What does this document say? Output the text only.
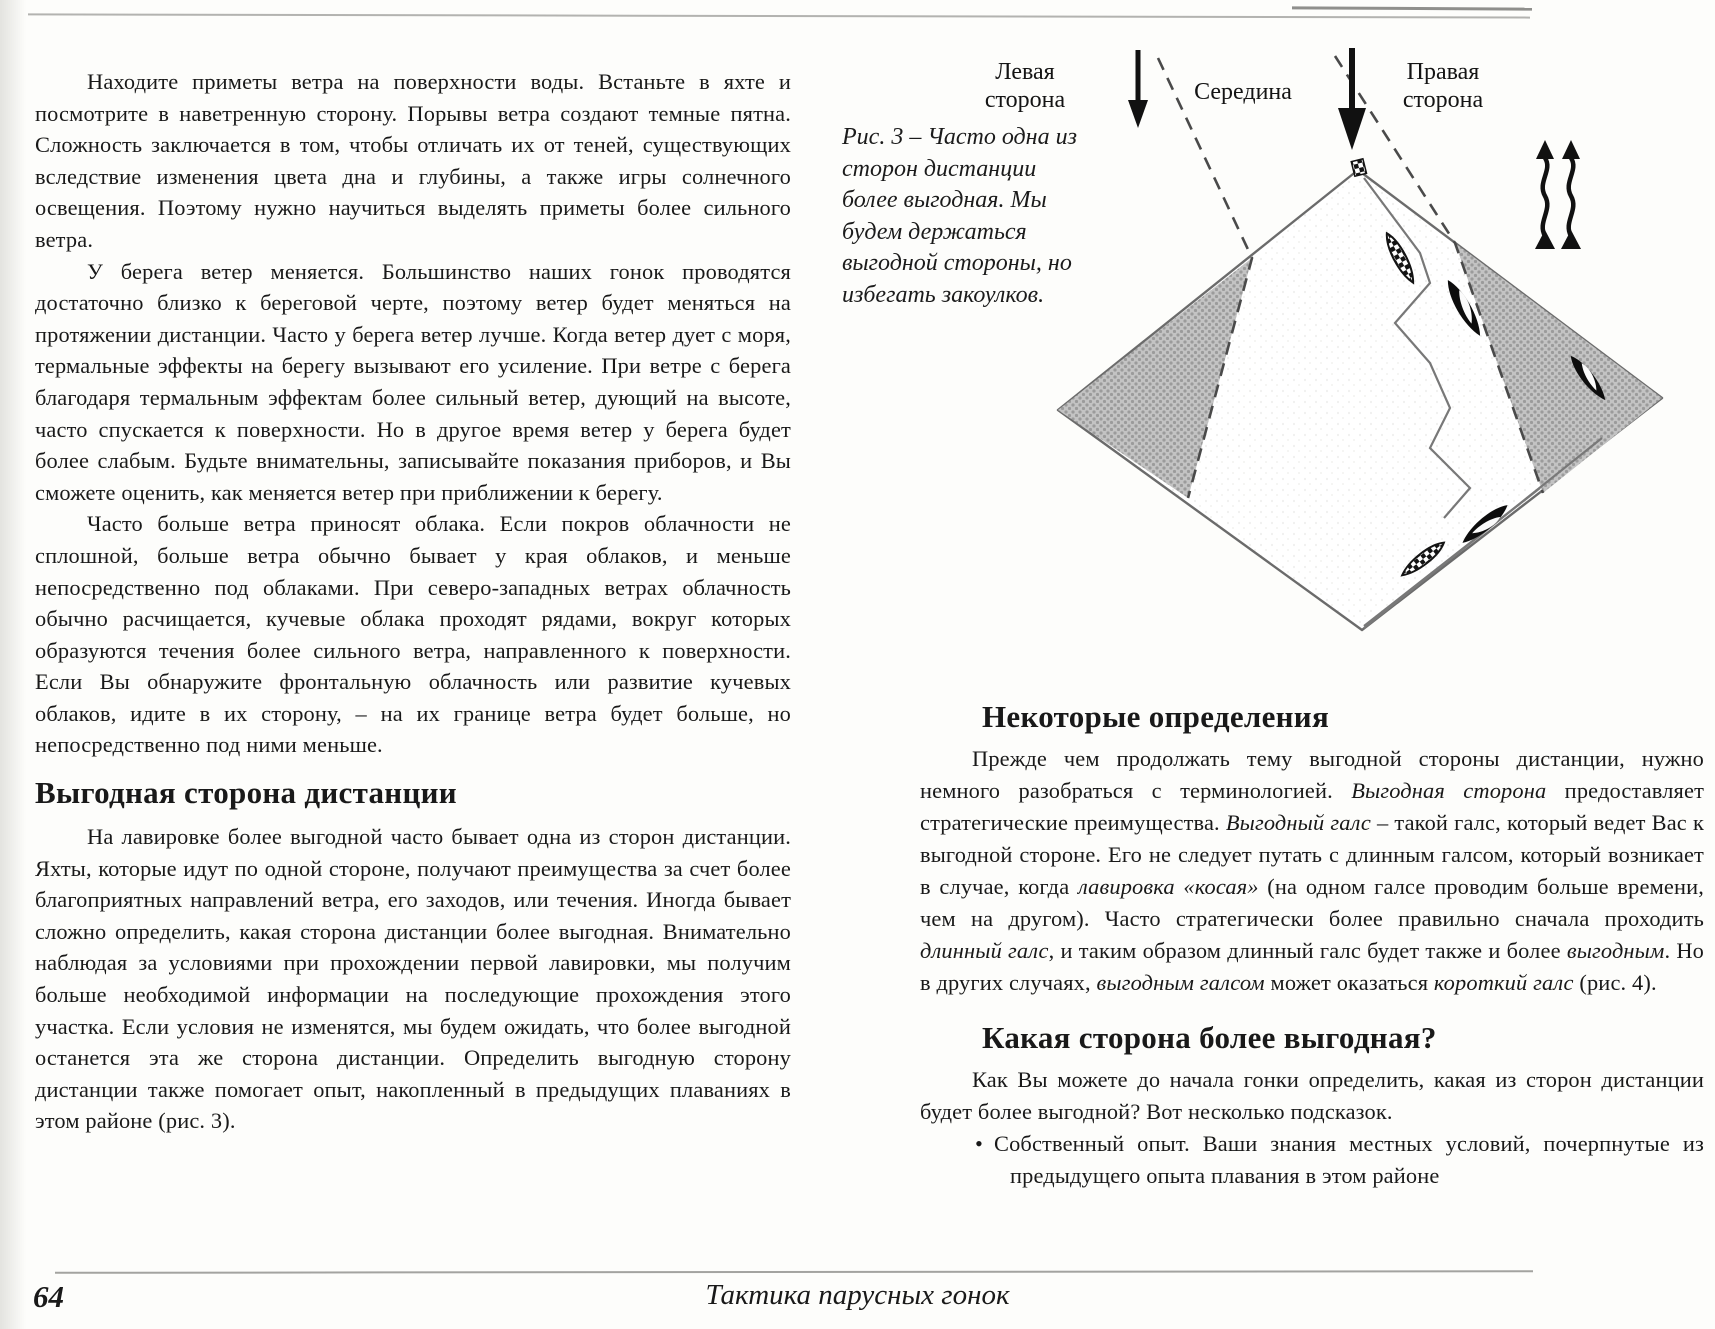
Находите приметы ветра на поверхности воды. Встаньте в яхте и посмотрите в наветренную сторону. Порывы ветра создают темные пятна. Сложность заключается в том, чтобы отличать их от теней, существующих вследствие изменения цвета дна и глубины, а также игры солнечного освещения. Поэтому нужно научиться выделять приметы более сильного ветра.

У берега ветер меняется. Большинство наших гонок проводятся достаточно близко к береговой черте, поэтому ветер будет меняться на протяжении дистанции. Часто у берега ветер лучше. Когда ветер дует с моря, термальные эффекты на берегу вызывают его усиление. При ветре с берега благодаря термальным эффектам более сильный ветер, дующий на высоте, часто спускается к поверхности. Но в другое время ветер у берега будет более слабым. Будьте внимательны, записывайте показания приборов, и Вы сможете оценить, как меняется ветер при приближении к берегу.

Часто больше ветра приносят облака. Если покров облачности не сплошной, больше ветра обычно бывает у края облаков, и меньше непосредственно под облаками. При северо-западных ветрах облачность обычно расчищается, кучевые облака проходят рядами, вокруг которых образуются течения более сильного ветра, направленного к поверхности. Если Вы обнаружите фронтальную облачность или развитие кучевых облаков, идите в их сторону, – на их границе ветра будет больше, но непосредственно под ними меньше.

Выгодная сторона дистанции

На лавировке более выгодной часто бывает одна из сторон дистанции. Яхты, которые идут по одной стороне, получают преимущества за счет более благоприятных направлений ветра, его заходов, или течения. Иногда бывает сложно определить, какая сторона дистанции более выгодная. Внимательно наблюдая за условиями при прохождении первой лавировки, мы получим больше необходимой информации на последующие прохождения этого участка. Если условия не изменятся, мы будем ожидать, что более выгодной останется эта же сторона дистанции. Определить выгодную сторону дистанции также помогает опыт, накопленный в предыдущих плаваниях в этом районе (рис. 3).

Левая сторона	Середина
Правая сторона
Рис. 3 – Часто одна из сторон дистанции более выгодная. Мы будем держаться выгодной стороны, но избегать закоулков.
Некоторые определения

Прежде чем продолжать тему выгодной стороны дистанции, нужно немного разобраться с терминологией. Выгодная сторона предоставляет стратегические преимущества. Выгодный галс – такой галс, который ведет Вас к выгодной стороне. Его не следует путать с длинным галсом, который возникает в случае, когда лавировка «косая» (на одном галсе проводим больше времени, чем на другом). Часто стратегически более правильно сначала проходить длинный галс, и таким образом длинный галс будет также и более выгодным. Но в других случаях, выгодным галсом может оказаться короткий галс (рис. 4).

Какая сторона более выгодная?

Как Вы можете до начала гонки определить, какая из сторон дистанции будет более выгодной? Вот несколько подсказок.

• Собственный опыт. Ваши знания местных условий, почерпнутые из предыдущего опыта плавания в этом районе

64	Тактика парусных гонок
